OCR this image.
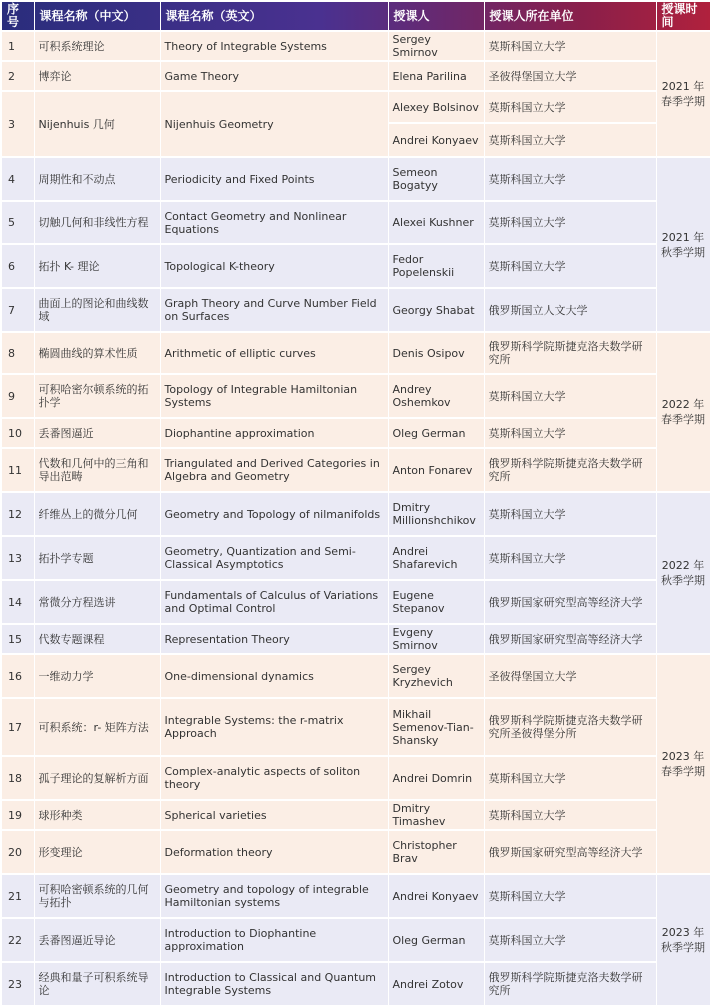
序号	课程名称（中文）	课程名称（英文）	授课人	授课人所在单位	授课时间
1	可积系统理论	Theory of Integrable Systems	Sergey Smirnov	莫斯科国立大学	2021 年春季学期
2	博弈论	Game Theory	Elena Parilina	圣彼得堡国立大学	
3	Nijenhuis 几何	Nijenhuis Geometry	Alexey Bolsinov	莫斯科国立大学	
			Andrei Konyaev	莫斯科国立大学	
4	周期性和不动点	Periodicity and Fixed Points	Semeon Bogatyy	莫斯科国立大学	2021 年秋季学期
5	切触几何和非线性方程	Contact Geometry and Nonlinear Equations	Alexei Kushner	莫斯科国立大学	
6	拓扑 K- 理论	Topological K-theory	Fedor Popelenskii	莫斯科国立大学	
7	曲面上的图论和曲线数域	Graph Theory and Curve Number Field on Surfaces	Georgy Shabat	俄罗斯国立人文大学	
8	椭圆曲线的算术性质	Arithmetic of elliptic curves	Denis Osipov	俄罗斯科学院斯捷克洛夫数学研究所	2022 年春季学期
9	可积哈密尔顿系统的拓扑学	Topology of Integrable Hamiltonian Systems	Andrey Oshemkov	莫斯科国立大学	
10	丢番图逼近	Diophantine approximation	Oleg German	莫斯科国立大学	
11	代数和几何中的三角和导出范畴	Triangulated and Derived Categories in Algebra and Geometry	Anton Fonarev	俄罗斯科学院斯捷克洛夫数学研究所	
12	纤维丛上的微分几何	Geometry and Topology of nilmanifolds	Dmitry Millionshchikov	莫斯科国立大学	2022 年秋季学期
13	拓扑学专题	Geometry, Quantization and Semi-Classical Asymptotics	Andrei Shafarevich	莫斯科国立大学	
14	常微分方程选讲	Fundamentals of Calculus of Variations and Optimal Control	Eugene Stepanov	俄罗斯国家研究型高等经济大学	
15	代数专题课程	Representation Theory	Evgeny Smirnov	俄罗斯国家研究型高等经济大学	
16	一维动力学	One-dimensional dynamics	Sergey Kryzhevich	圣彼得堡国立大学	2023 年春季学期
17	可积系统：r- 矩阵方法	Integrable Systems: the r-matrix Approach	Mikhail Semenov-Tian-Shansky	俄罗斯科学院斯捷克洛夫数学研究所圣彼得堡分所	
18	孤子理论的复解析方面	Complex-analytic aspects of soliton theory	Andrei Domrin	莫斯科国立大学	
19	球形种类	Spherical varieties	Dmitry Timashev	莫斯科国立大学	
20	形变理论	Deformation theory	Christopher Brav	俄罗斯国家研究型高等经济大学	
21	可积哈密顿系统的几何与拓扑	Geometry and topology of integrable Hamiltonian systems	Andrei Konyaev	莫斯科国立大学	2023 年秋季学期
22	丢番图逼近导论	Introduction to Diophantine approximation	Oleg German	莫斯科国立大学	
23	经典和量子可积系统导论	Introduction to Classical and Quantum Integrable Systems	Andrei Zotov	俄罗斯科学院斯捷克洛夫数学研究所	
